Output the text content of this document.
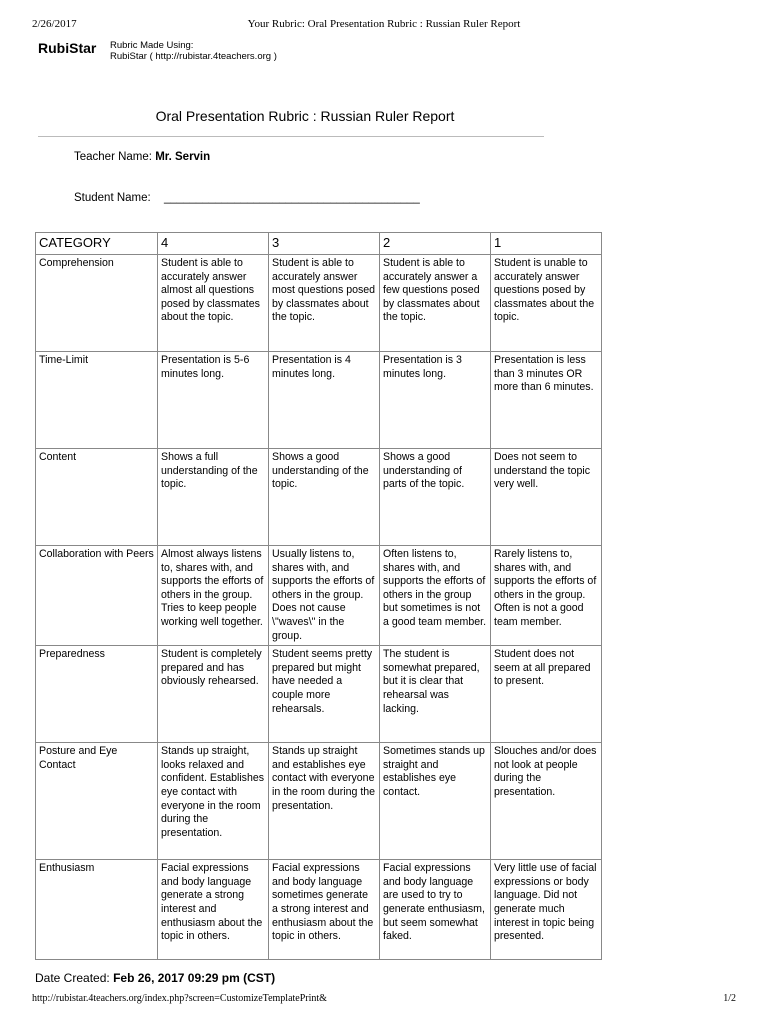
2/26/2017	Your Rubric: Oral Presentation Rubric : Russian Ruler Report
RubiStar Rubric Made Using:
RubiStar ( http://rubistar.4teachers.org )
Oral Presentation Rubric : Russian Ruler Report
Teacher Name: Mr. Servin
Student Name: ________________________________________
CATEGORY	4	3	2	1
Comprehension	Student is able to accurately answer almost all questions posed by classmates about the topic.	Student is able to accurately answer most questions posed by classmates about the topic.	Student is able to accurately answer a few questions posed by classmates about the topic.	Student is unable to accurately answer questions posed by classmates about the topic.
Time-Limit	Presentation is 5-6 minutes long.	Presentation is 4 minutes long.	Presentation is 3 minutes long.	Presentation is less than 3 minutes OR more than 6 minutes.
Content	Shows a full understanding of the topic.	Shows a good understanding of the topic.	Shows a good understanding of parts of the topic.	Does not seem to understand the topic very well.
Collaboration with Peers	Almost always listens to, shares with, and supports the efforts of others in the group. Tries to keep people working well together.	Usually listens to, shares with, and supports the efforts of others in the group. Does not cause \"waves\" in the group.	Often listens to, shares with, and supports the efforts of others in the group but sometimes is not a good team member.	Rarely listens to, shares with, and supports the efforts of others in the group. Often is not a good team member.
Preparedness	Student is completely prepared and has obviously rehearsed.	Student seems pretty prepared but might have needed a couple more rehearsals.	The student is somewhat prepared, but it is clear that rehearsal was lacking.	Student does not seem at all prepared to present.
Posture and Eye Contact	Stands up straight, looks relaxed and confident. Establishes eye contact with everyone in the room during the presentation.	Stands up straight and establishes eye contact with everyone in the room during the presentation.	Sometimes stands up straight and establishes eye contact.	Slouches and/or does not look at people during the presentation.
Enthusiasm	Facial expressions and body language generate a strong interest and enthusiasm about the topic in others.	Facial expressions and body language sometimes generate a strong interest and enthusiasm about the topic in others.	Facial expressions and body language are used to try to generate enthusiasm, but seem somewhat faked.	Very little use of facial expressions or body language. Did not generate much interest in topic being presented.
Date Created: Feb 26, 2017 09:29 pm (CST)
http://rubistar.4teachers.org/index.php?screen=CustomizeTemplatePrint&	1/2
